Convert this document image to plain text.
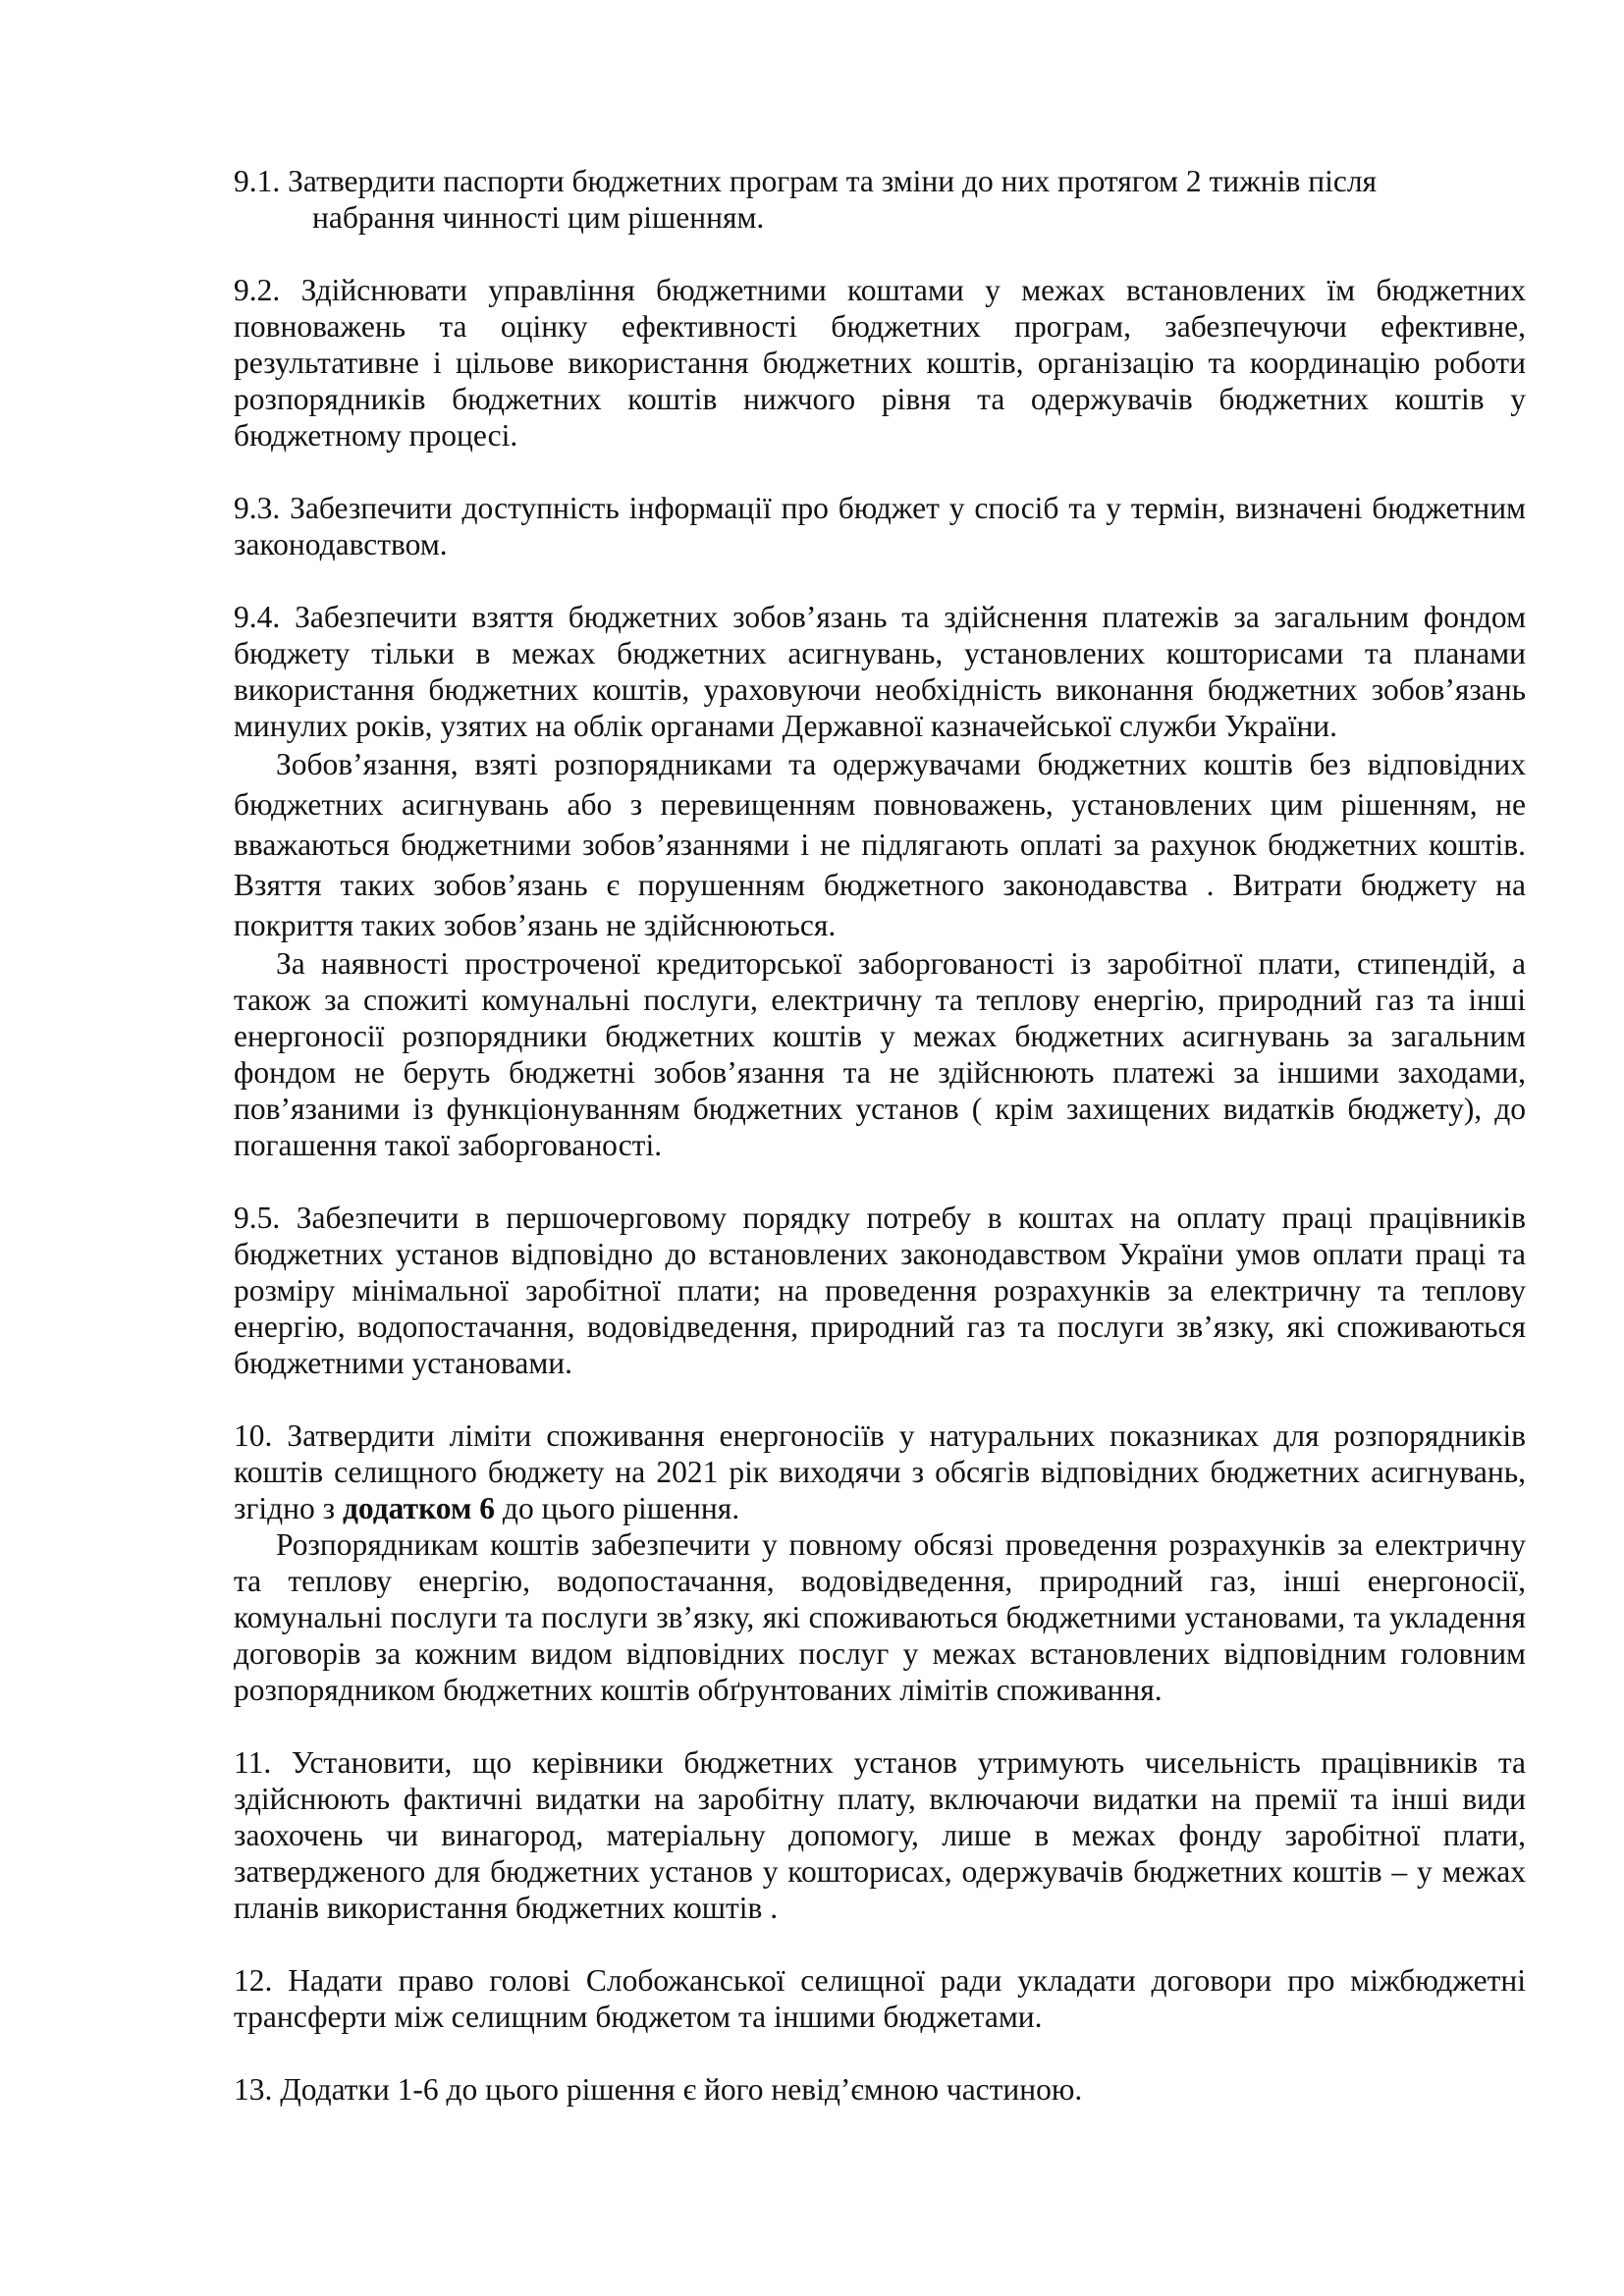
9.1. Затвердити паспорти бюджетних програм та зміни до них протягом 2 тижнів після
набрання чинності цим рішенням.

9.2. Здійснювати управління бюджетними коштами у межах встановлених їм бюджетних повноважень та оцінку ефективності бюджетних програм, забезпечуючи ефективне, результативне і цільове використання бюджетних коштів, організацію та координацію роботи розпорядників бюджетних коштів нижчого рівня та одержувачів бюджетних коштів у бюджетному процесі.

9.3. Забезпечити доступність інформації про бюджет у спосіб та у термін, визначені бюджетним законодавством.

9.4. Забезпечити взяття бюджетних зобов’язань та здійснення платежів за загальним фондом бюджету тільки в межах бюджетних асигнувань, установлених кошторисами та планами використання бюджетних коштів, ураховуючи необхідність виконання бюджетних зобов’язань минулих років, узятих на облік органами Державної казначейської служби України.

Зобов’язання, взяті розпорядниками та одержувачами бюджетних коштів без відповідних бюджетних асигнувань або з перевищенням повноважень, установлених цим рішенням, не вважаються бюджетними зобов’язаннями і не підлягають оплаті за рахунок бюджетних коштів. Взяття таких зобов’язань є порушенням бюджетного законодавства . Витрати бюджету на покриття таких зобов’язань не здійснюються.

За наявності простроченої кредиторської заборгованості із заробітної плати, стипендій, а також за спожиті комунальні послуги, електричну та теплову енергію, природний газ та інші енергоносії розпорядники бюджетних коштів у межах бюджетних асигнувань за загальним фондом не беруть бюджетні зобов’язання та не здійснюють платежі за іншими заходами, пов’язаними із функціонуванням бюджетних установ ( крім захищених видатків бюджету), до погашення такої заборгованості.

9.5. Забезпечити в першочерговому порядку потребу в коштах на оплату праці працівників бюджетних установ відповідно до встановлених законодавством України умов оплати праці та розміру мінімальної заробітної плати; на проведення розрахунків за електричну та теплову енергію, водопостачання, водовідведення, природний газ та послуги зв’язку, які споживаються бюджетними установами.

10. Затвердити ліміти споживання енергоносіїв у натуральних показниках для розпорядників коштів селищного бюджету на 2021 рік виходячи з обсягів відповідних бюджетних асигнувань, згідно з додатком 6 до цього рішення.

Розпорядникам коштів забезпечити у повному обсязі проведення розрахунків за електричну та теплову енергію, водопостачання, водовідведення, природний газ, інші енергоносії, комунальні послуги та послуги зв’язку, які споживаються бюджетними установами, та укладення договорів за кожним видом відповідних послуг у межах встановлених відповідним головним розпорядником бюджетних коштів обґрунтованих лімітів споживання.

11. Установити, що керівники бюджетних установ утримують чисельність працівників та здійснюють фактичні видатки на заробітну плату, включаючи видатки на премії та інші види заохочень чи винагород, матеріальну допомогу, лише в межах фонду заробітної плати, затвердженого для бюджетних установ у кошторисах, одержувачів бюджетних коштів – у межах планів використання бюджетних коштів .

12. Надати право голові Слобожанської селищної ради укладати договори про міжбюджетні трансферти між селищним бюджетом та іншими бюджетами.

13. Додатки 1-6 до цього рішення є його невід’ємною частиною.
